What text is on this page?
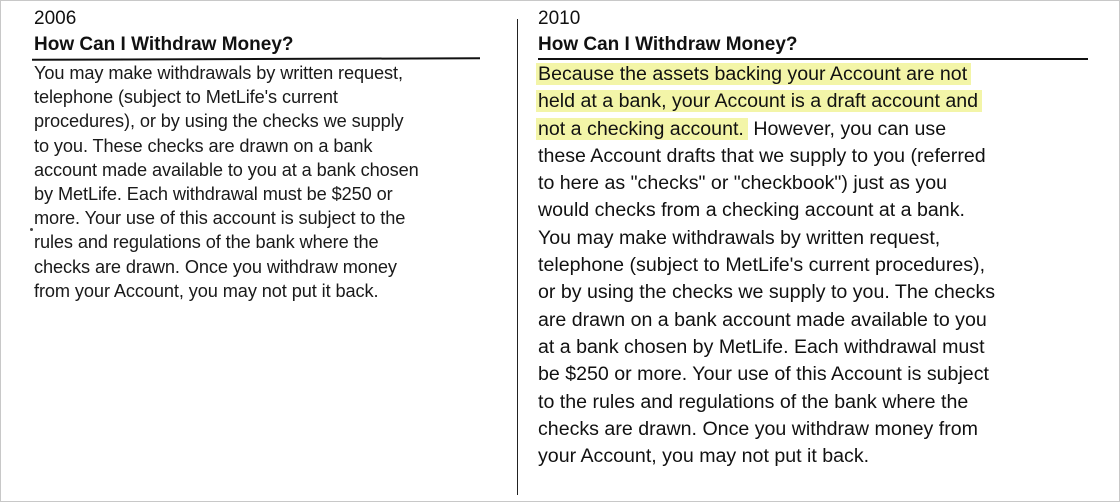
2006

How Can I Withdraw Money?

You may make withdrawals by written request,
telephone (subject to MetLife's current
procedures), or by using the checks we supply
to you. These checks are drawn on a bank
account made available to you at a bank chosen
by MetLife. Each withdrawal must be $250 or
more. Your use of this account is subject to the
rules and regulations of the bank where the
checks are drawn. Once you withdraw money
from your Account, you may not put it back.

2010

How Can I Withdraw Money?

Because the assets backing your Account are not
held at a bank, your Account is a draft account and
not a checking account. However, you can use
these Account drafts that we supply to you (referred
to here as "checks" or "checkbook") just as you
would checks from a checking account at a bank.
You may make withdrawals by written request,
telephone (subject to MetLife's current procedures),
or by using the checks we supply to you. The checks
are drawn on a bank account made available to you
at a bank chosen by MetLife. Each withdrawal must
be $250 or more. Your use of this Account is subject
to the rules and regulations of the bank where the
checks are drawn. Once you withdraw money from
your Account, you may not put it back.
